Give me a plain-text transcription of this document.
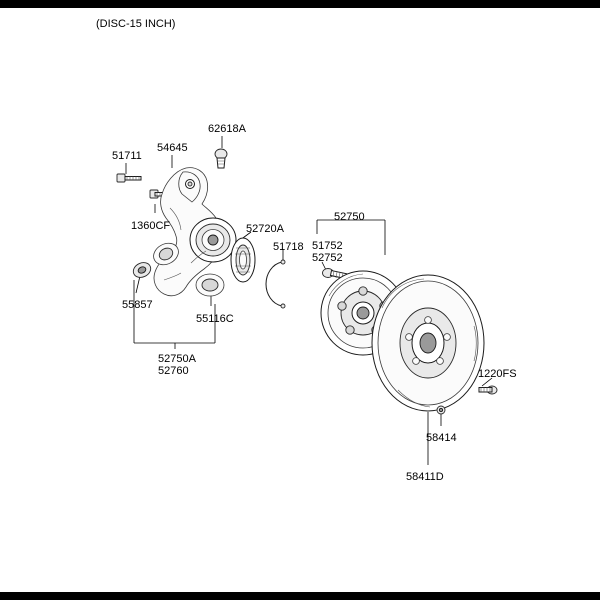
(DISC-15 INCH)
62618A
54645
51711
1360CF	52720A
51718
52750
51752
52752
55857
55116C
52750A
52760	1220FS
58414
58411D
